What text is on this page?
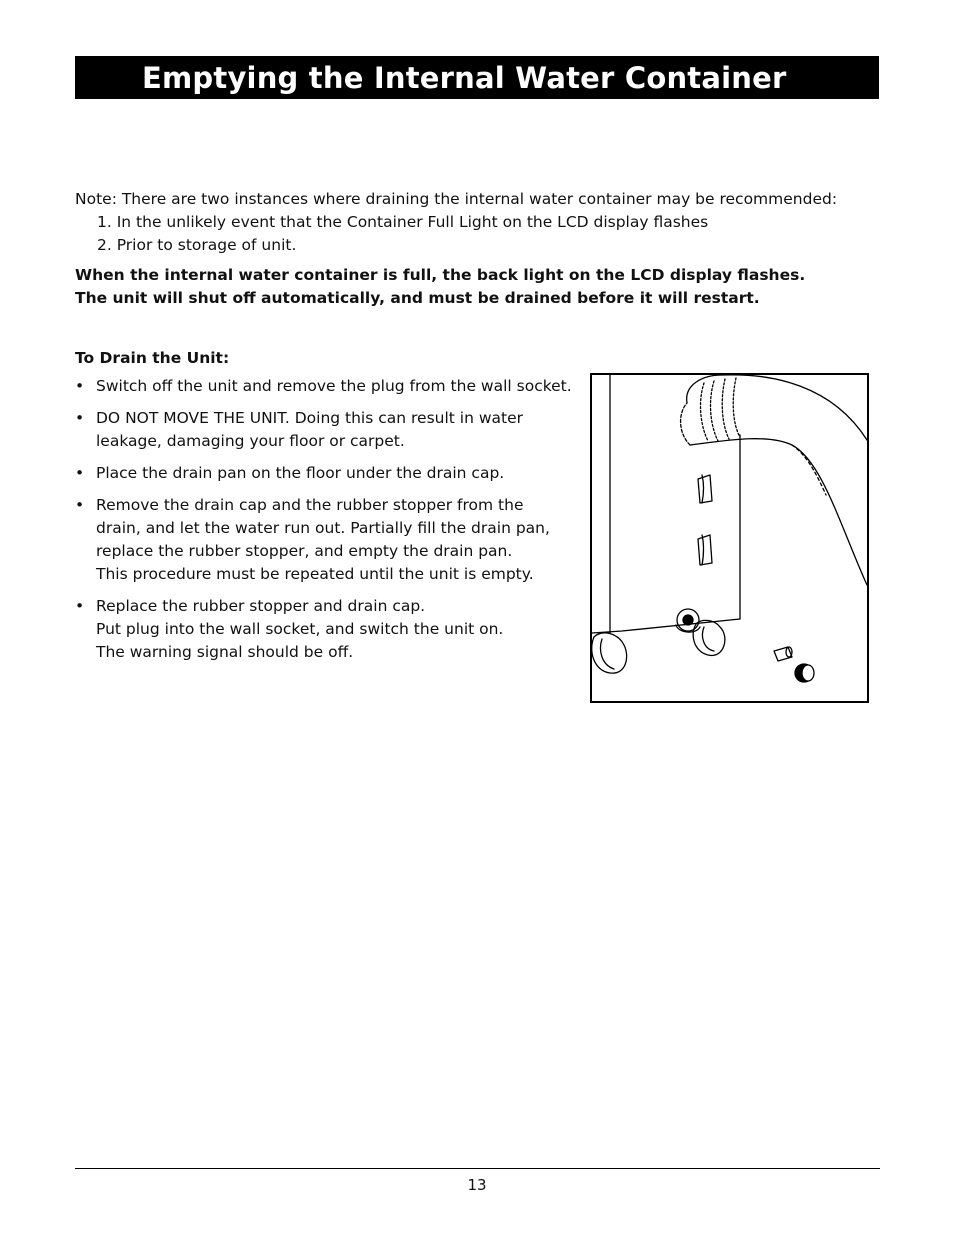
Emptying the Internal Water Container
Note: There are two instances where draining the internal water container may be recommended:
1. In the unlikely event that the Container Full Light on the LCD display flashes
2. Prior to storage of unit.
When the internal water container is full, the back light on the LCD display flashes.
The unit will shut off automatically, and must be drained before it will restart.
To Drain the Unit:
• Switch off the unit and remove the plug from the wall socket.
• DO NOT MOVE THE UNIT. Doing this can result in water
leakage, damaging your floor or carpet.
• Place the drain pan on the floor under the drain cap.
• Remove the drain cap and the rubber stopper from the
drain, and let the water run out. Partially fill the drain pan,
replace the rubber stopper, and empty the drain pan.
This procedure must be repeated until the unit is empty.
• Replace the rubber stopper and drain cap.
Put plug into the wall socket, and switch the unit on.
The warning signal should be off.
13
